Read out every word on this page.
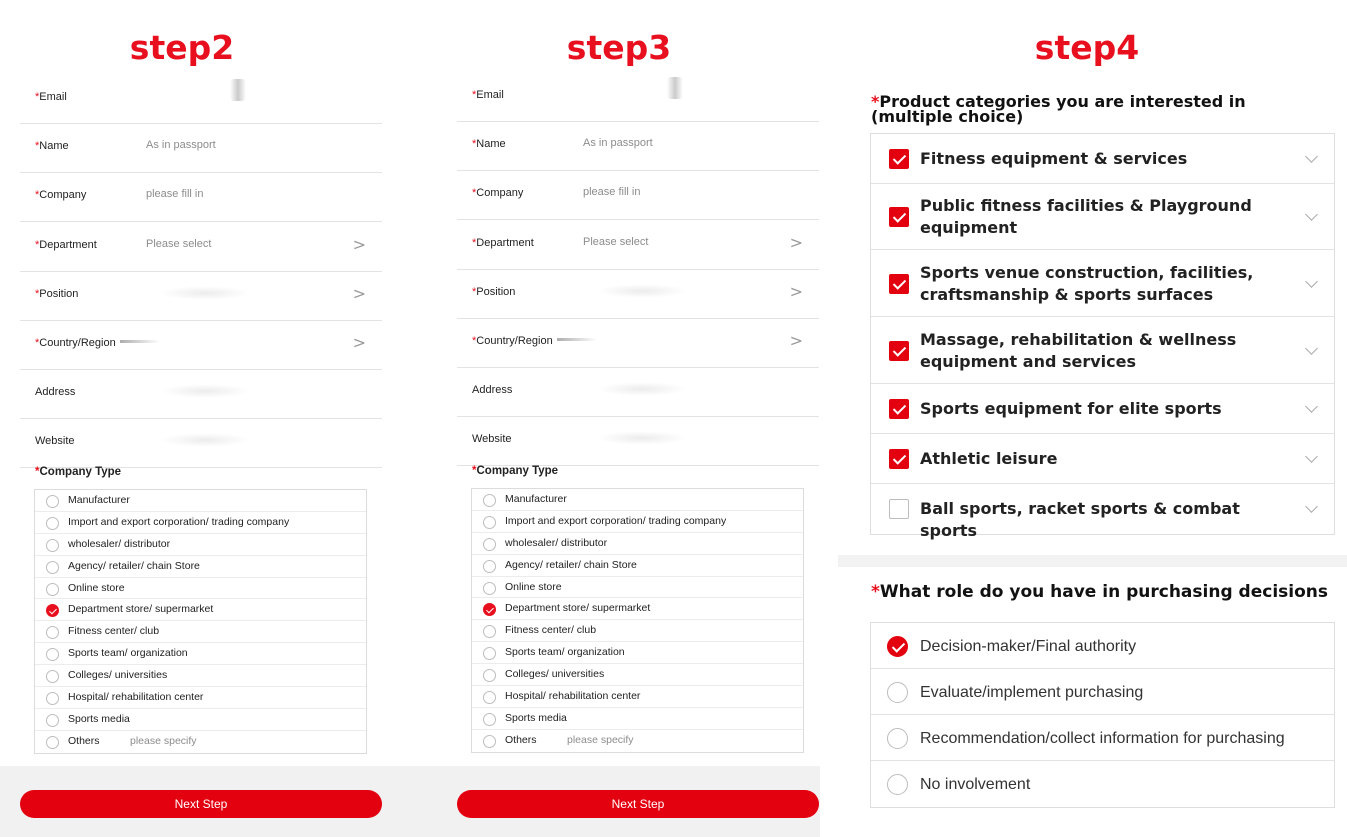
step2	step3	step4
*Email
*Name	As in passport
*Company	please fill in
*Department	Please select	>
*Position	>
*Country/Region	>
Address
Website
*Company Type
Manufacturer
Import and export corporation/ trading company
wholesaler/ distributor
Agency/ retailer/ chain Store
Online store
Department store/ supermarket
Fitness center/ club
Sports team/ organization
Colleges/ universities
Hospital/ rehabilitation center
Sports media
Others	please specify
Next Step
*Email
*Name	As in passport
*Company	please fill in
*Department	Please select	>
*Position	>
*Country/Region	>
Address
Website
*Company Type
Manufacturer
Import and export corporation/ trading company
wholesaler/ distributor
Agency/ retailer/ chain Store
Online store
Department store/ supermarket
Fitness center/ club
Sports team/ organization
Colleges/ universities
Hospital/ rehabilitation center
Sports media
Others	please specify
Next Step
*Product categories you are interested in (multiple choice)
Fitness equipment & services
Public fitness facilities & Playground equipment
Sports venue construction, facilities, craftsmanship & sports surfaces
Massage, rehabilitation & wellness equipment and services
Sports equipment for elite sports
Athletic leisure
Ball sports, racket sports & combat sports
*What role do you have in purchasing decisions
Decision-maker/Final authority
Evaluate/implement purchasing
Recommendation/collect information for purchasing
No involvement
